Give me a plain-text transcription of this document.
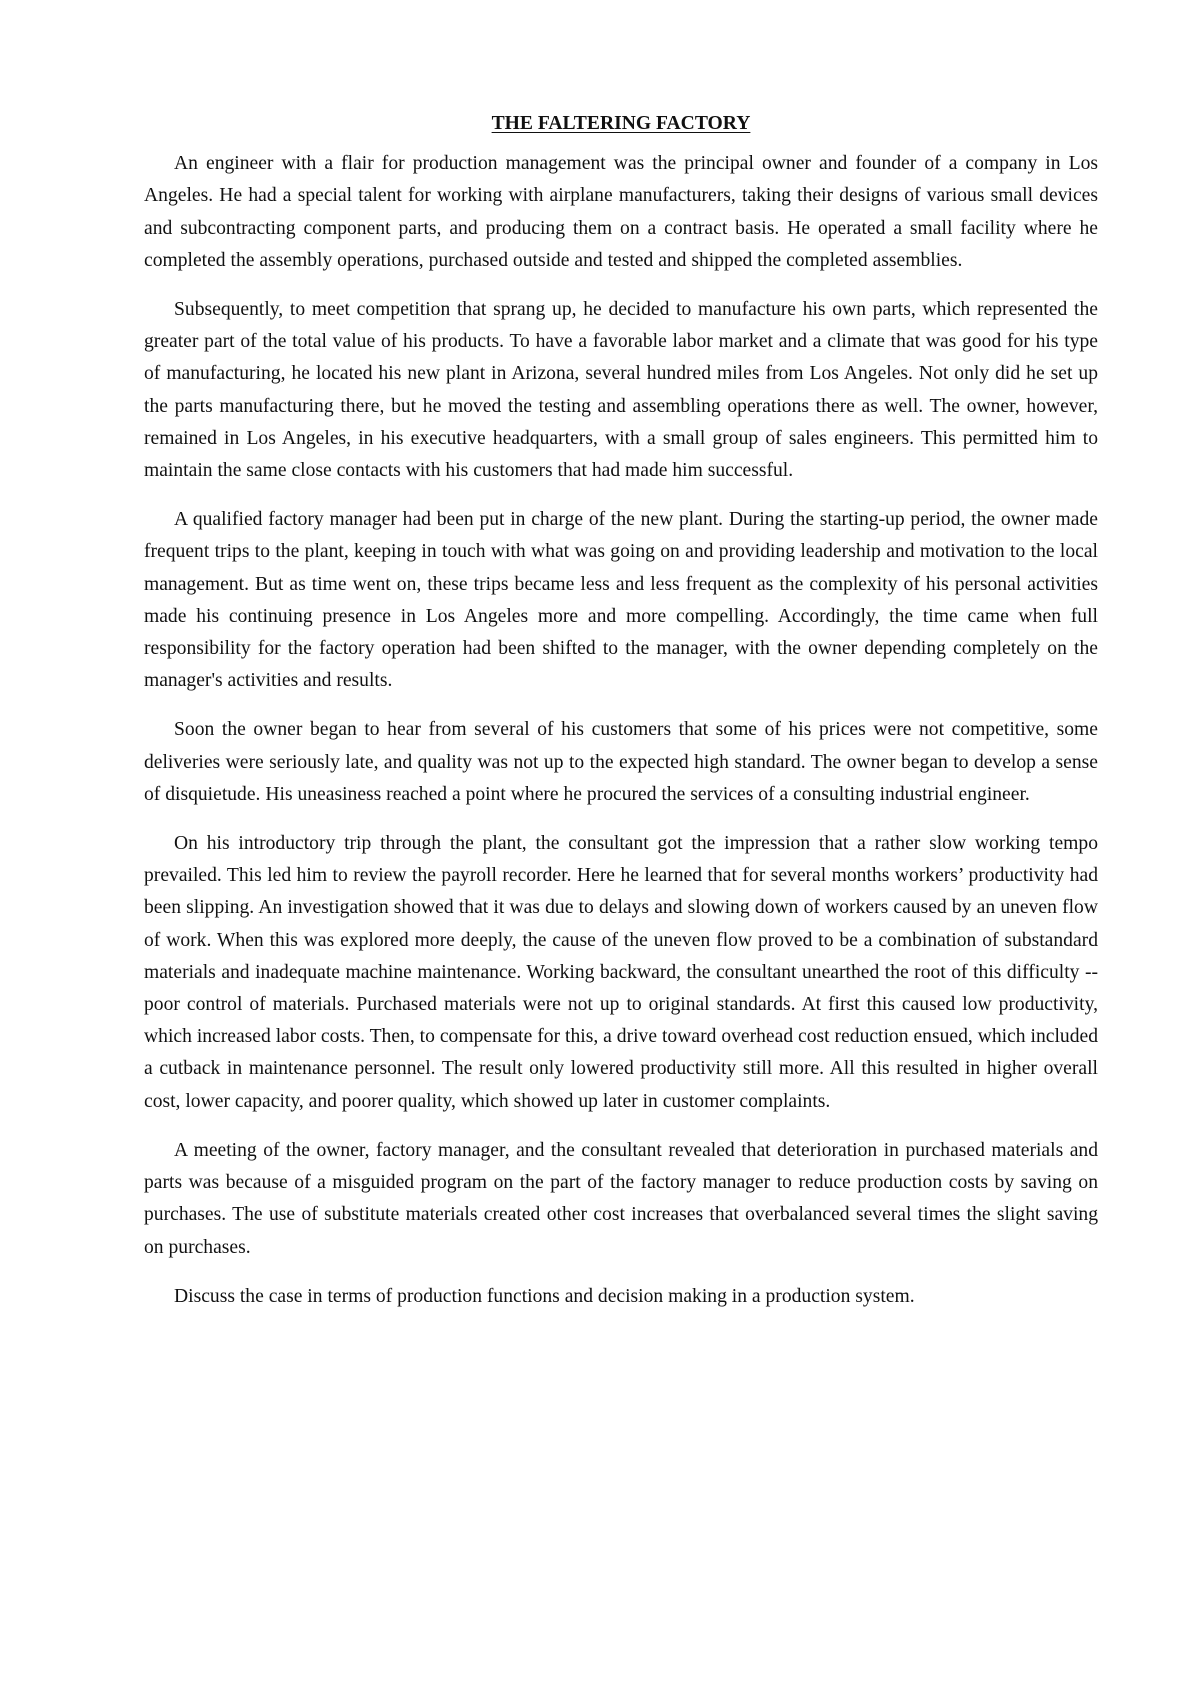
THE FALTERING FACTORY

An engineer with a flair for production management was the principal owner and founder of a company in Los Angeles. He had a special talent for working with airplane manufacturers, taking their designs of various small devices and subcontracting component parts, and producing them on a contract basis. He operated a small facility where he completed the assembly operations, purchased outside and tested and shipped the completed assemblies.

Subsequently, to meet competition that sprang up, he decided to manufacture his own parts, which represented the greater part of the total value of his products. To have a favorable labor market and a climate that was good for his type of manufacturing, he located his new plant in Arizona, several hundred miles from Los Angeles. Not only did he set up the parts manufacturing there, but he moved the testing and assembling operations there as well. The owner, however, remained in Los Angeles, in his executive headquarters, with a small group of sales engineers. This permitted him to maintain the same close contacts with his customers that had made him successful.

A qualified factory manager had been put in charge of the new plant. During the starting-up period, the owner made frequent trips to the plant, keeping in touch with what was going on and providing leadership and motivation to the local management. But as time went on, these trips became less and less frequent as the complexity of his personal activities made his continuing presence in Los Angeles more and more compelling. Accordingly, the time came when full responsibility for the factory operation had been shifted to the manager, with the owner depending completely on the manager's activities and results.

Soon the owner began to hear from several of his customers that some of his prices were not competitive, some deliveries were seriously late, and quality was not up to the expected high standard. The owner began to develop a sense of disquietude. His uneasiness reached a point where he procured the services of a consulting industrial engineer.

On his introductory trip through the plant, the consultant got the impression that a rather slow working tempo prevailed. This led him to review the payroll recorder. Here he learned that for several months workers’ productivity had been slipping. An investigation showed that it was due to delays and slowing down of workers caused by an uneven flow of work. When this was explored more deeply, the cause of the uneven flow proved to be a combination of substandard materials and inadequate machine maintenance. Working backward, the consultant unearthed the root of this difficulty -- poor control of materials. Purchased materials were not up to original standards. At first this caused low productivity, which increased labor costs. Then, to compensate for this, a drive toward overhead cost reduction ensued, which included a cutback in maintenance personnel. The result only lowered productivity still more. All this resulted in higher overall cost, lower capacity, and poorer quality, which showed up later in customer complaints.

A meeting of the owner, factory manager, and the consultant revealed that deterioration in purchased materials and parts was because of a misguided program on the part of the factory manager to reduce production costs by saving on purchases. The use of substitute materials created other cost increases that overbalanced several times the slight saving on purchases.

Discuss the case in terms of production functions and decision making in a production system.
